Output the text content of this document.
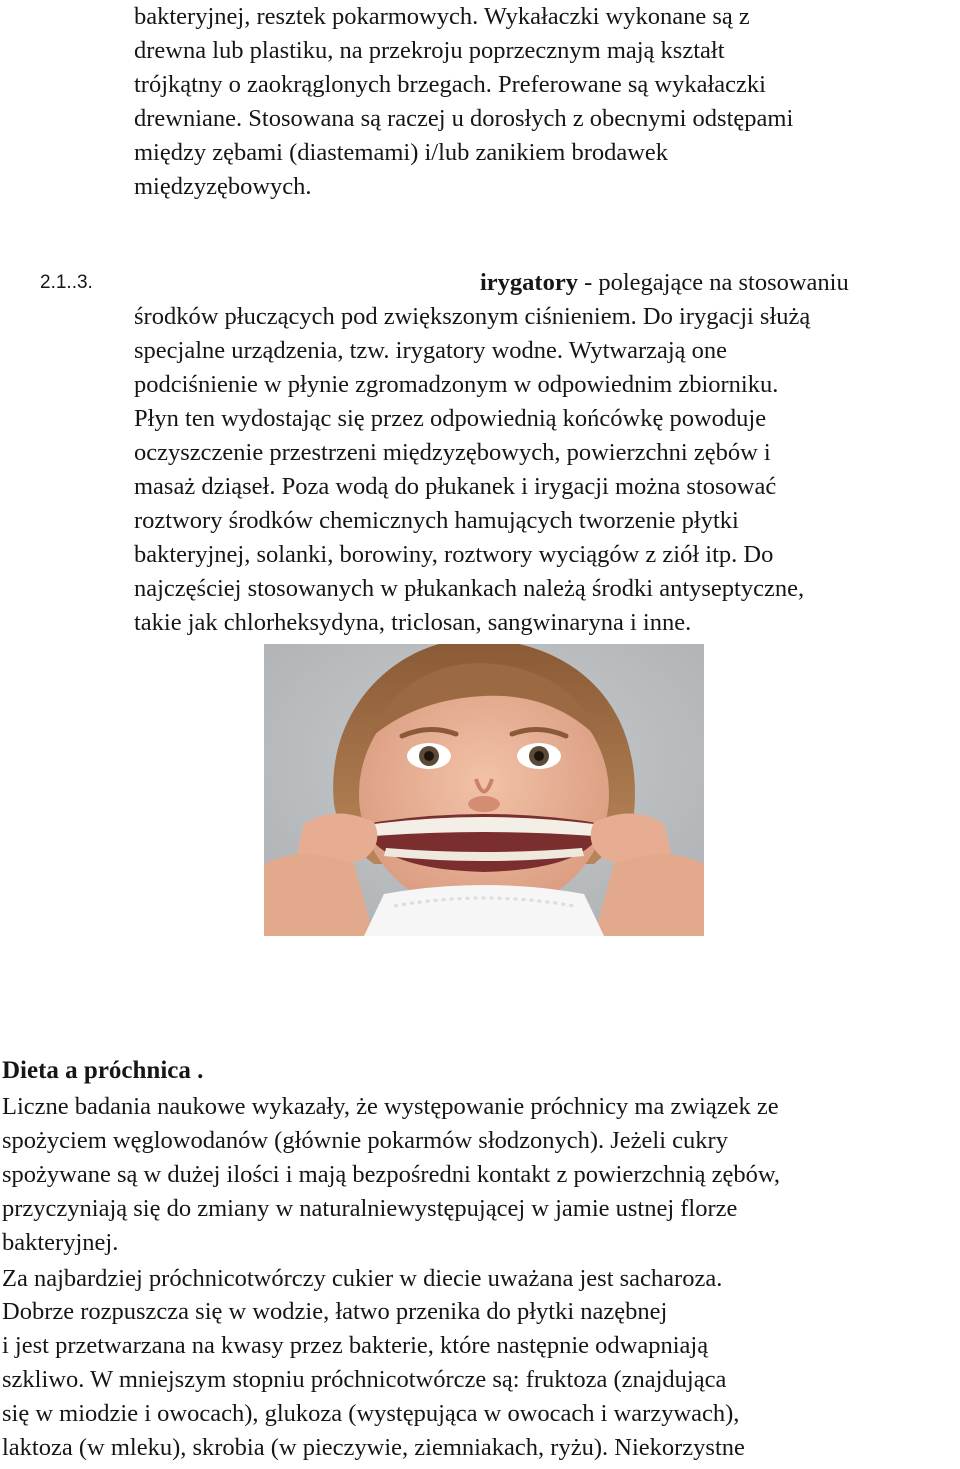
bakteryjnej, resztek pokarmowych. Wykałaczki wykonane są z
drewna lub plastiku, na przekroju poprzecznym mają kształt
trójkątny o zaokrąglonych brzegach. Preferowane są wykałaczki
drewniane. Stosowana są raczej u dorosłych z obecnymi odstępami
między zębami (diastemami) i/lub zanikiem brodawek
międzyzębowych.
2.1..3.	irygatory - polegające na stosowaniu
środków płuczących pod zwiększonym ciśnieniem. Do irygacji służą
specjalne urządzenia, tzw. irygatory wodne. Wytwarzają one
podciśnienie w płynie zgromadzonym w odpowiednim zbiorniku.
Płyn ten wydostając się przez odpowiednią końcówkę powoduje
oczyszczenie przestrzeni międzyzębowych, powierzchni zębów i
masaż dziąseł. Poza wodą do płukanek i irygacji można stosować
roztwory środków chemicznych hamujących tworzenie płytki
bakteryjnej, solanki, borowiny, roztwory wyciągów z ziół itp. Do
najczęściej stosowanych w płukankach należą środki antyseptyczne,
takie jak chlorheksydyna, triclosan, sangwinaryna i inne.
Dieta a próchnica .
Liczne badania naukowe wykazały, że występowanie próchnicy ma związek ze
spożyciem węglowodanów (głównie pokarmów słodzonych). Jeżeli cukry
spożywane są w dużej ilości i mają bezpośredni kontakt z powierzchnią zębów,
przyczyniają się do zmiany w naturalniewystępującej w jamie ustnej florze
bakteryjnej.
Za najbardziej próchnicotwórczy cukier w diecie uważana jest sacharoza.
Dobrze rozpuszcza się w wodzie, łatwo przenika do płytki nazębnej
i jest przetwarzana na kwasy przez bakterie, które następnie odwapniają
szkliwo. W mniejszym stopniu próchnicotwórcze są: fruktoza (znajdująca
się w miodzie i owocach), glukoza (występująca w owocach i warzywach),
laktoza (w mleku), skrobia (w pieczywie, ziemniakach, ryżu). Niekorzystne
